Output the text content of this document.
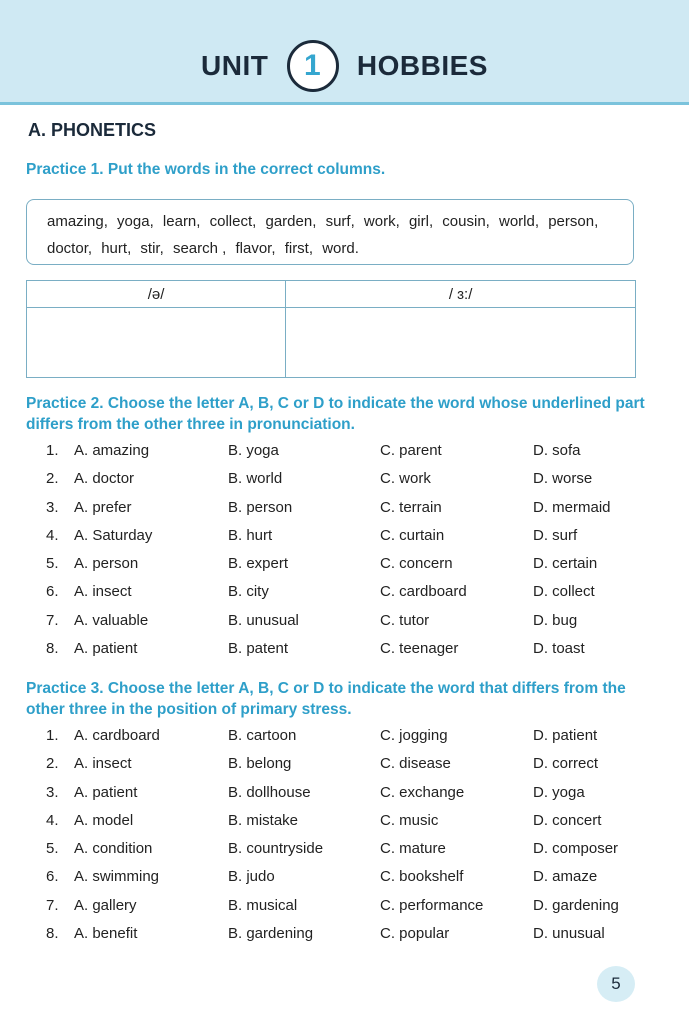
UNIT 1 HOBBIES
A. PHONETICS
Practice 1. Put the words in the correct columns.
amazing , yoga , learn , collect , garden , surf , work , girl , cousin , world , person , doctor , hurt , stir , search , flavor , first , word .
/ə/	/ ɜ:/

Practice 2. Choose the letter A, B, C or D to indicate the word whose underlined part differs from the other three in pronunciation.
1. A. amazing	B. yoga	C. parent	D. sofa
2. A. doctor	B. world	C. work	D. worse
3. A. prefer	B. person	C. terrain	D. mermaid
4. A. Saturday	B. hurt	C. curtain	D. surf
5. A. person	B. expert	C. concern	D. certain
6. A. insect	B. city	C. cardboard	D. collect
7. A. valuable	B. unusual	C. tutor	D. bug
8. A. patient	B. patent	C. teenager	D. toast
Practice 3. Choose the letter A, B, C or D to indicate the word that differs from the other three in the position of primary stress.
1. A. cardboard	B. cartoon	C. jogging	D. patient
2. A. insect	B. belong	C. disease	D. correct
3. A. patient	B. dollhouse	C. exchange	D. yoga
4. A. model	B. mistake	C. music	D. concert
5. A. condition	B. countryside	C. mature	D. composer
6. A. swimming	B. judo	C. bookshelf	D. amaze
7. A. gallery	B. musical	C. performance	D. gardening
8. A. benefit	B. gardening	C. popular	D. unusual
5
